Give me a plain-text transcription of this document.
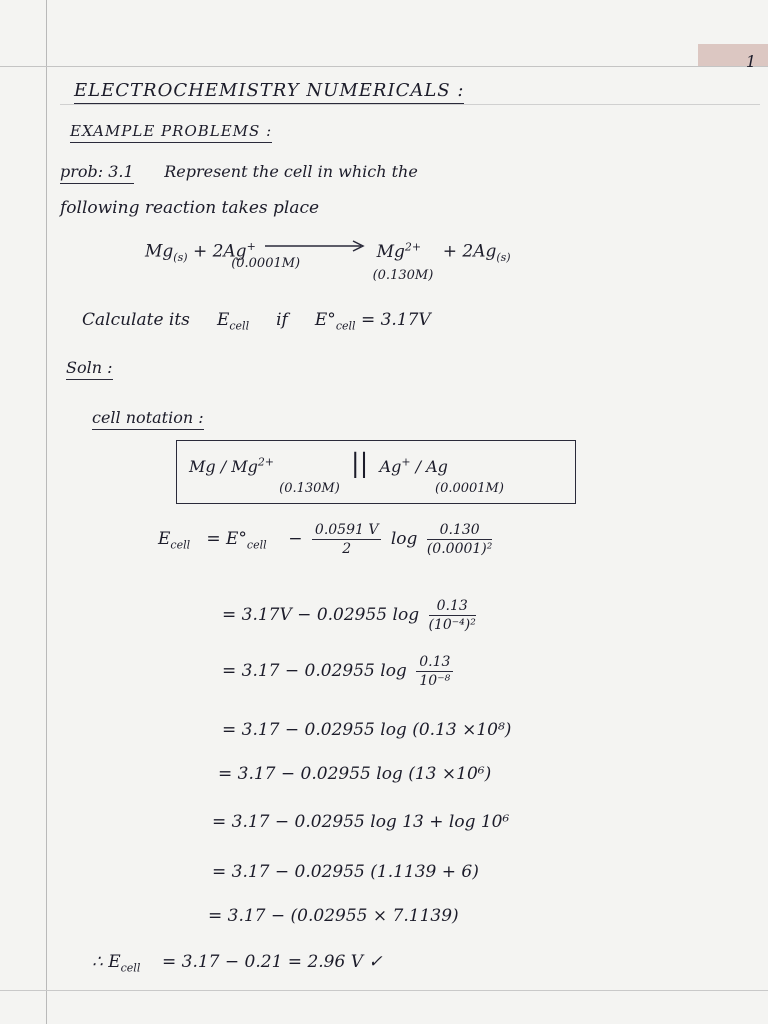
1
ELECTROCHEMISTRY NUMERICALS :
EXAMPLE PROBLEMS :
prob: 3.1 Represent the cell in which the
following reaction takes place
$Mg_{(s)} + 2Ag^+$
(0.0001M)
$Mg^{2+}$
(0.130M)
+ $2Ag_{(s)}$
Calculate its $E_{cell}$ if $E^\circ_{cell} = 3.17V$
Soln :
cell notation :
Mg / $Mg^{2+}$ $_{(0.130M)}$ || Ag+ / Ag
(0.0001M)
$E_{cell} = E^\circ_{cell} - \frac{0.0591 V}{2}$ $\log \frac{0.130}{\text{(0.0001)²}}$
= 3.17V − 0.02955 $\log \frac{0.13}{\text{(10⁻⁴)²}}$
= 3.17 − 0.02955 $\log \frac{0.13}{\text{10⁻⁸}}$
= 3.17 − 0.02955 log (0.13 ×10⁸)
= 3.17 − 0.02955 log (13 ×10⁶)
= 3.17 − 0.02955 log 13 + log 10⁶
= 3.17 − 0.02955 (1.1139 + 6)
= 3.17 − (0.02955 × 7.1139)
∴ $E_{cell} = 3.17 - 0.21 = 2.96$ V ✓
